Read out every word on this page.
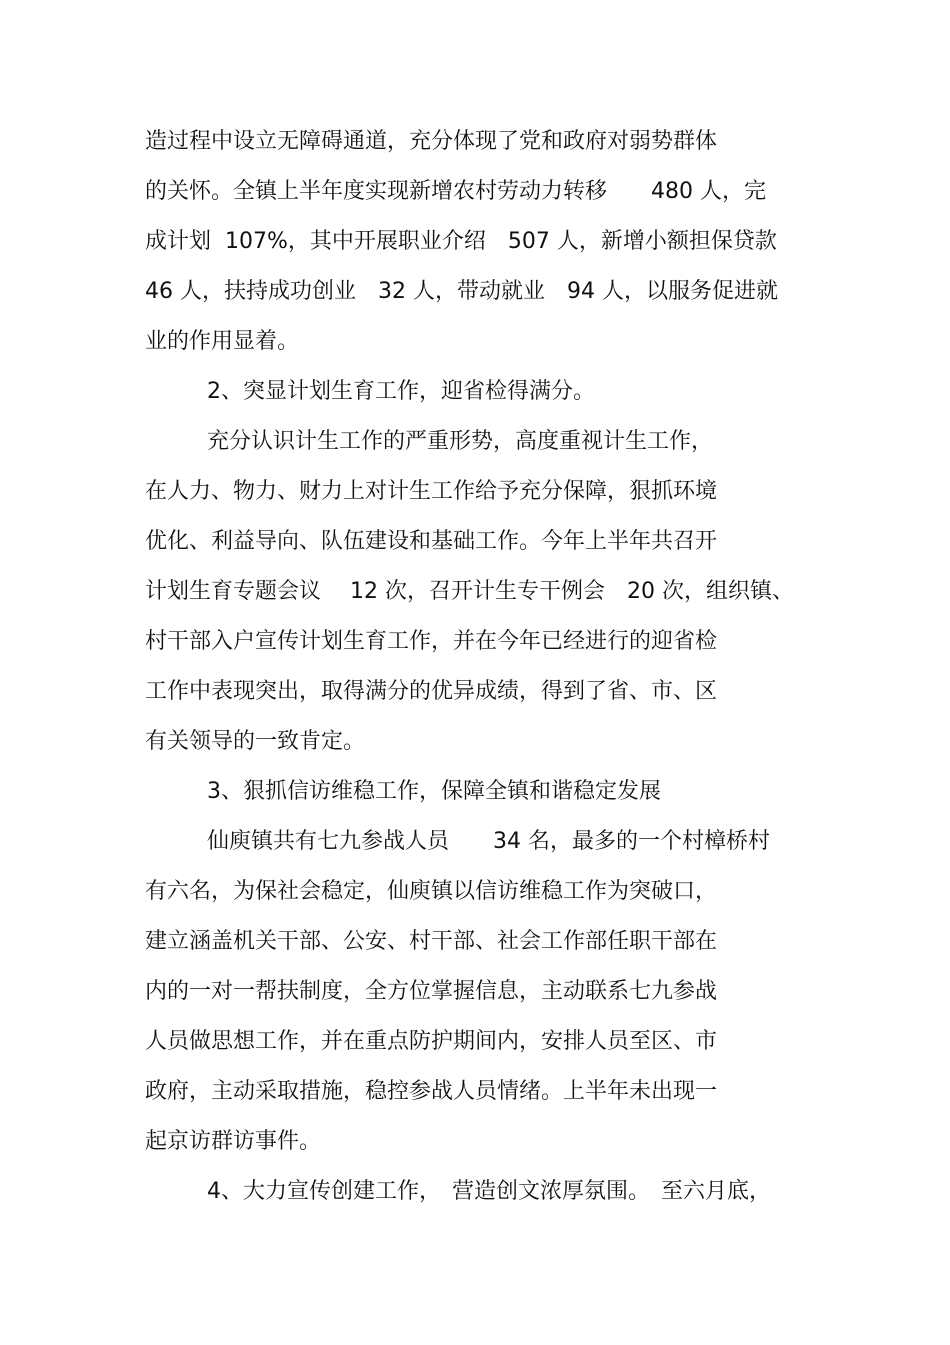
造过程中设立无障碍通道，充分体现了党和政府对弱势群体
的关怀。全镇上半年度实现新增农村劳动力转移　　480 人，完
成计划  107%，其中开展职业介绍　507 人，新增小额担保贷款
46 人，扶持成功创业　32 人，带动就业　94 人，以服务促进就
业的作用显着。
2、突显计划生育工作，迎省检得满分。
充分认识计生工作的严重形势，高度重视计生工作，
在人力、物力、财力上对计生工作给予充分保障，狠抓环境
优化、利益导向、队伍建设和基础工作。今年上半年共召开
计划生育专题会议　 12 次，召开计生专干例会　20 次，组织镇、
村干部入户宣传计划生育工作，并在今年已经进行的迎省检
工作中表现突出，取得满分的优异成绩，得到了省、市、区
有关领导的一致肯定。
3、狠抓信访维稳工作，保障全镇和谐稳定发展
仙庾镇共有七九参战人员　　34 名，最多的一个村樟桥村
有六名，为保社会稳定，仙庾镇以信访维稳工作为突破口，
建立涵盖机关干部、公安、村干部、社会工作部任职干部在
内的一对一帮扶制度，全方位掌握信息，主动联系七九参战
人员做思想工作，并在重点防护期间内，安排人员至区、市
政府，主动采取措施，稳控参战人员情绪。上半年未出现一
起京访群访事件。
4、大力宣传创建工作，　营造创文浓厚氛围。　至六月底，
